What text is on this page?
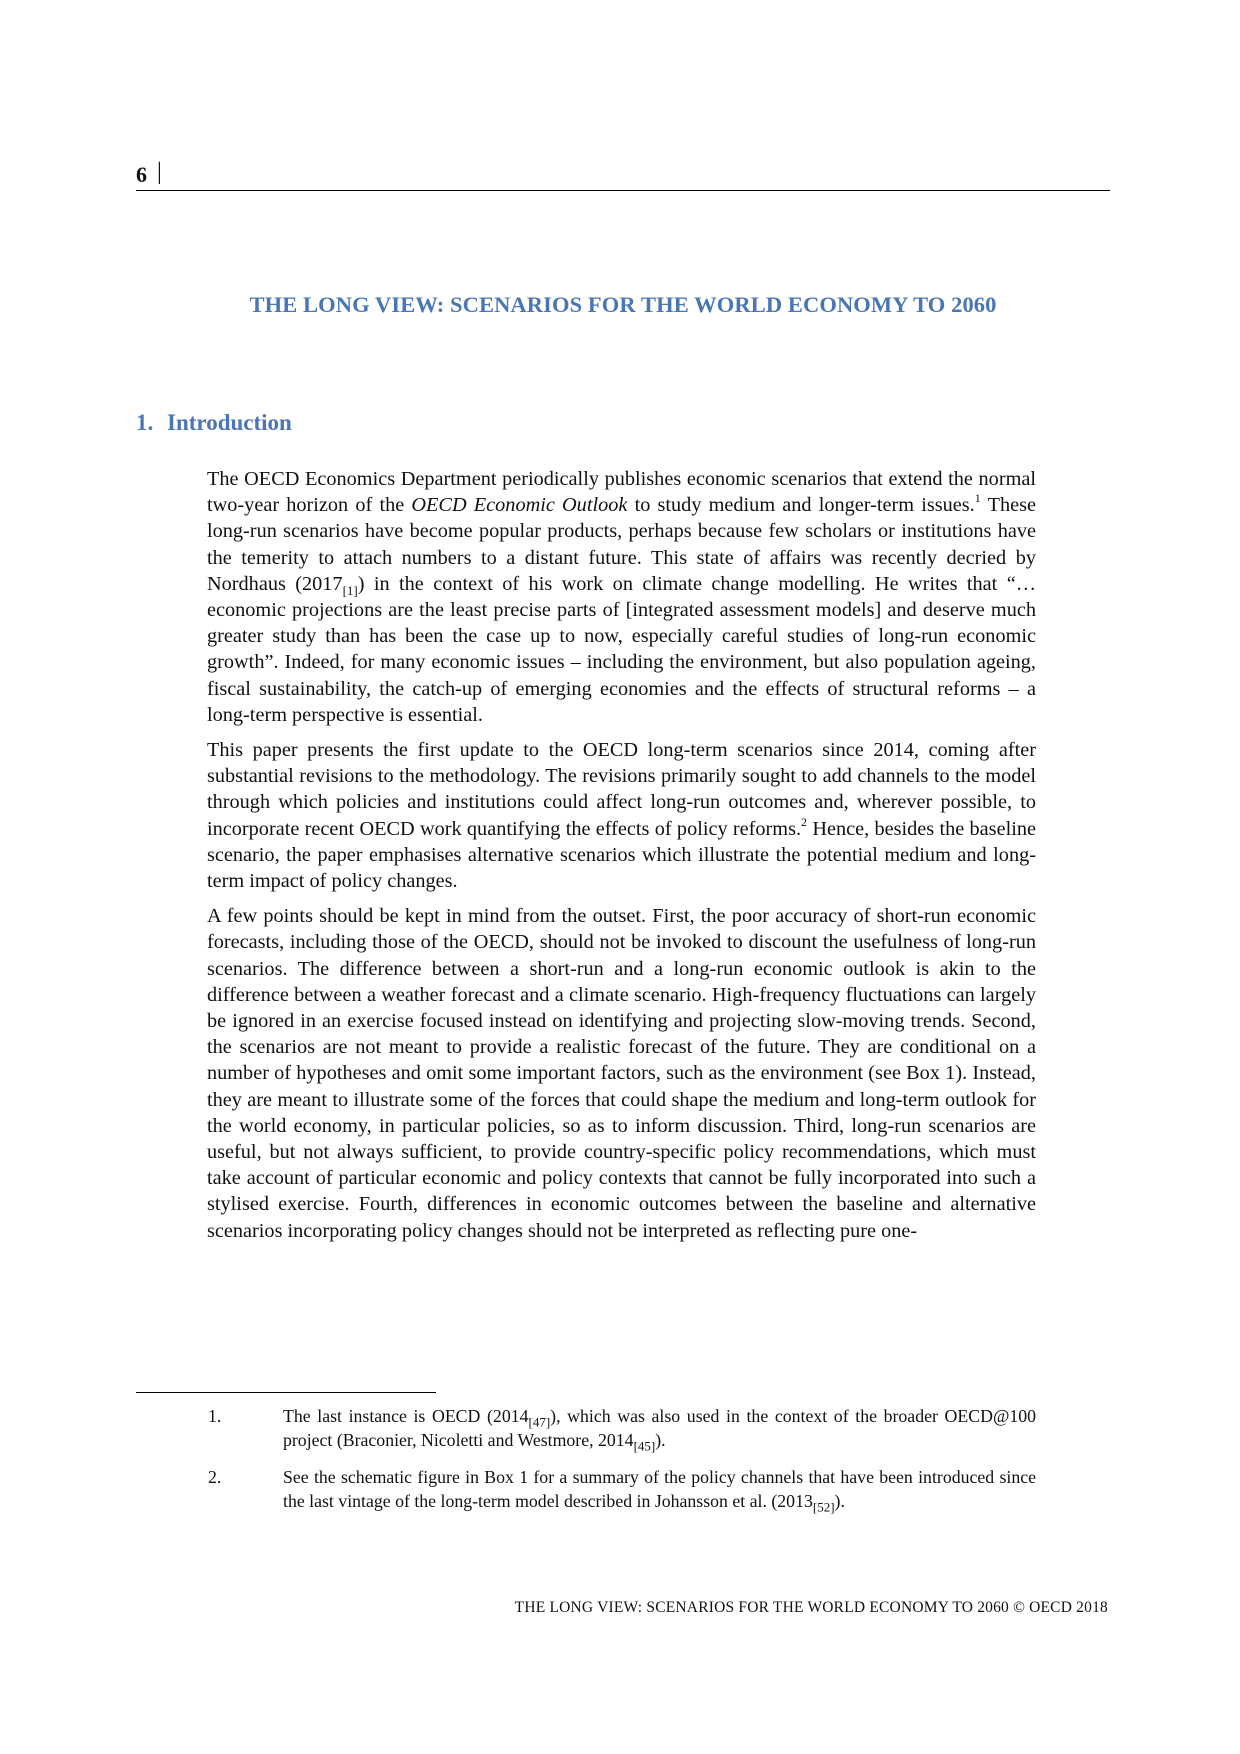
6 |
THE LONG VIEW: SCENARIOS FOR THE WORLD ECONOMY TO 2060
1. Introduction

The OECD Economics Department periodically publishes economic scenarios that extend the normal two-year horizon of the OECD Economic Outlook to study medium and longer-term issues.$^1$ These long-run scenarios have become popular products, perhaps because few scholars or institutions have the temerity to attach numbers to a distant future. This state of affairs was recently decried by Nordhaus $(2017_{[1]})$ in the context of his work on climate change modelling. He writes that “…economic projections are the least precise parts of [integrated assessment models] and deserve much greater study than has been the case up to now, especially careful studies of long-run economic growth”. Indeed, for many economic issues – including the environment, but also population ageing, fiscal sustainability, the catch-up of emerging economies and the effects of structural reforms – a long-term perspective is essential.

This paper presents the first update to the OECD long-term scenarios since 2014, coming after substantial revisions to the methodology. The revisions primarily sought to add channels to the model through which policies and institutions could affect long-run outcomes and, wherever possible, to incorporate recent OECD work quantifying the effects of policy reforms.$^2$ Hence, besides the baseline scenario, the paper emphasises alternative scenarios which illustrate the potential medium and long-term impact of policy changes.

A few points should be kept in mind from the outset. First, the poor accuracy of short-run economic forecasts, including those of the OECD, should not be invoked to discount the usefulness of long-run scenarios. The difference between a short-run and a long-run economic outlook is akin to the difference between a weather forecast and a climate scenario. High-frequency fluctuations can largely be ignored in an exercise focused instead on identifying and projecting slow-moving trends. Second, the scenarios are not meant to provide a realistic forecast of the future. They are conditional on a number of hypotheses and omit some important factors, such as the environment (see Box 1). Instead, they are meant to illustrate some of the forces that could shape the medium and long-term outlook for the world economy, in particular policies, so as to inform discussion. Third, long-run scenarios are useful, but not always sufficient, to provide country-specific policy recommendations, which must take account of particular economic and policy contexts that cannot be fully incorporated into such a stylised exercise. Fourth, differences in economic outcomes between the baseline and alternative scenarios incorporating policy changes should not be interpreted as reflecting pure one-

1.	The last instance is OECD $(2014_{[47]})$, which was also used in the context of the broader OECD@100 project (Braconier, Nicoletti and Westmore, $2014_{[45]}$).
2.	See the schematic figure in Box 1 for a summary of the policy channels that have been introduced since the last vintage of the long-term model described in Johansson et al. $(2013_{[52]})$.
THE LONG VIEW: SCENARIOS FOR THE WORLD ECONOMY TO 2060 © OECD 2018
